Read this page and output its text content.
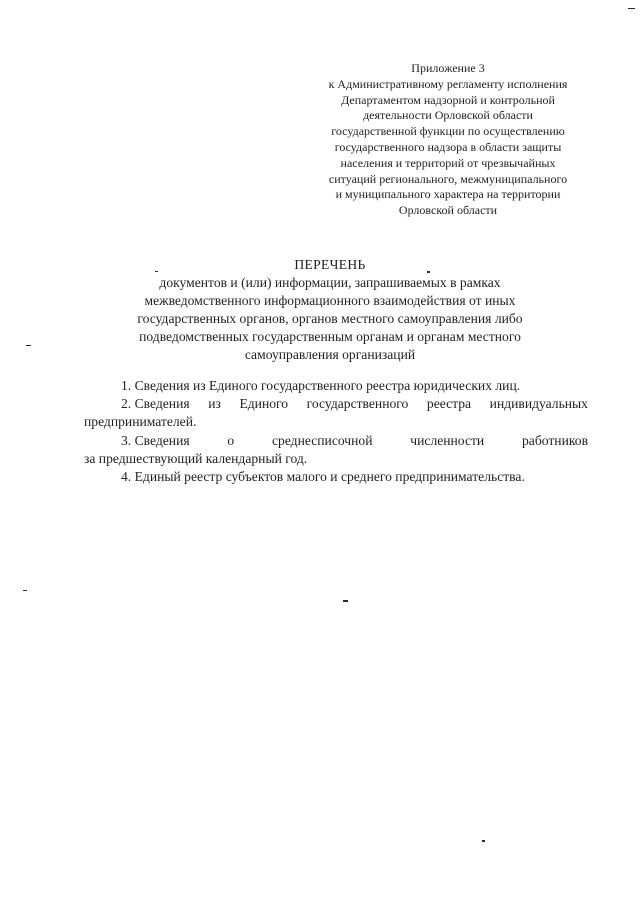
Приложение 3
к Административному регламенту исполнения
Департаментом надзорной и контрольной
деятельности Орловской области
государственной функции по осуществлению
государственного надзора в области защиты
населения и территорий от чрезвычайных
ситуаций регионального, межмуниципального
и муниципального характера на территории
Орловской области
ПЕРЕЧЕНЬ
документов и (или) информации, запрашиваемых в рамках
межведомственного информационного взаимодействия от иных
государственных органов, органов местного самоуправления либо
подведомственных государственным органам и органам местного
самоуправления организаций
1. Сведения из Единого государственного реестра юридических лиц.
2. Сведения из Единого государственного реестра индивидуальных
предпринимателей.
3. Сведения	о	среднесписочной	численности	работников
за предшествующий календарный год.
4. Единый реестр субъектов малого и среднего предпринимательства.
